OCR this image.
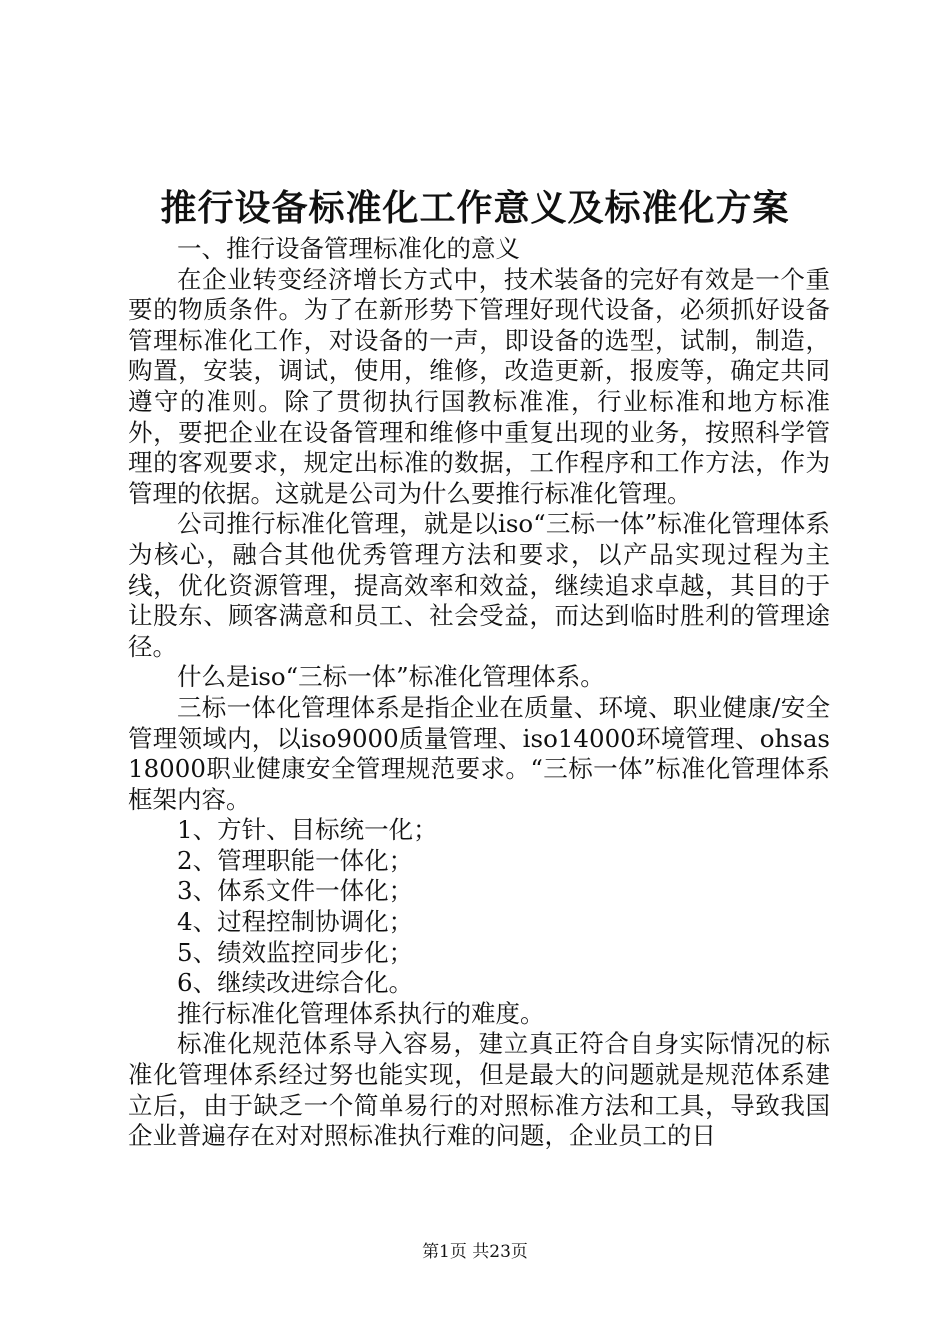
推行设备标准化工作意义及标准化方案

一、推行设备管理标准化的意义

在企业转变经济增长方式中，技术装备的完好有效是一个重要的物质条件。为了在新形势下管理好现代设备，必须抓好设备管理标准化工作，对设备的一声，即设备的选型，试制，制造，购置，安装，调试，使用，维修，改造更新，报废等，确定共同遵守的准则。除了贯彻执行国教标准准，行业标准和地方标准外，要把企业在设备管理和维修中重复出现的业务，按照科学管理的客观要求，规定出标准的数据，工作程序和工作方法，作为管理的依据。这就是公司为什么要推行标准化管理。

公司推行标准化管理，就是以iso“三标一体”标准化管理体系为核心，融合其他优秀管理方法和要求，以产品实现过程为主线，优化资源管理，提高效率和效益，继续追求卓越，其目的于让股东、顾客满意和员工、社会受益，而达到临时胜利的管理途径。

什么是iso“三标一体”标准化管理体系。

三标一体化管理体系是指企业在质量、环境、职业健康/安全管理领域内，以iso9000质量管理、iso14000环境管理、ohsas18000职业健康安全管理规范要求。“三标一体”标准化管理体系框架内容。

1、方针、目标统一化；

2、管理职能一体化；

3、体系文件一体化；

4、过程控制协调化；

5、绩效监控同步化；

6、继续改进综合化。

推行标准化管理体系执行的难度。

标准化规范体系导入容易，建立真正符合自身实际情况的标准化管理体系经过努也能实现，但是最大的问题就是规范体系建立后，由于缺乏一个简单易行的对照标准方法和工具，导致我国企业普遍存在对对照标准执行难的问题，企业员工的日

第1页 共23页
